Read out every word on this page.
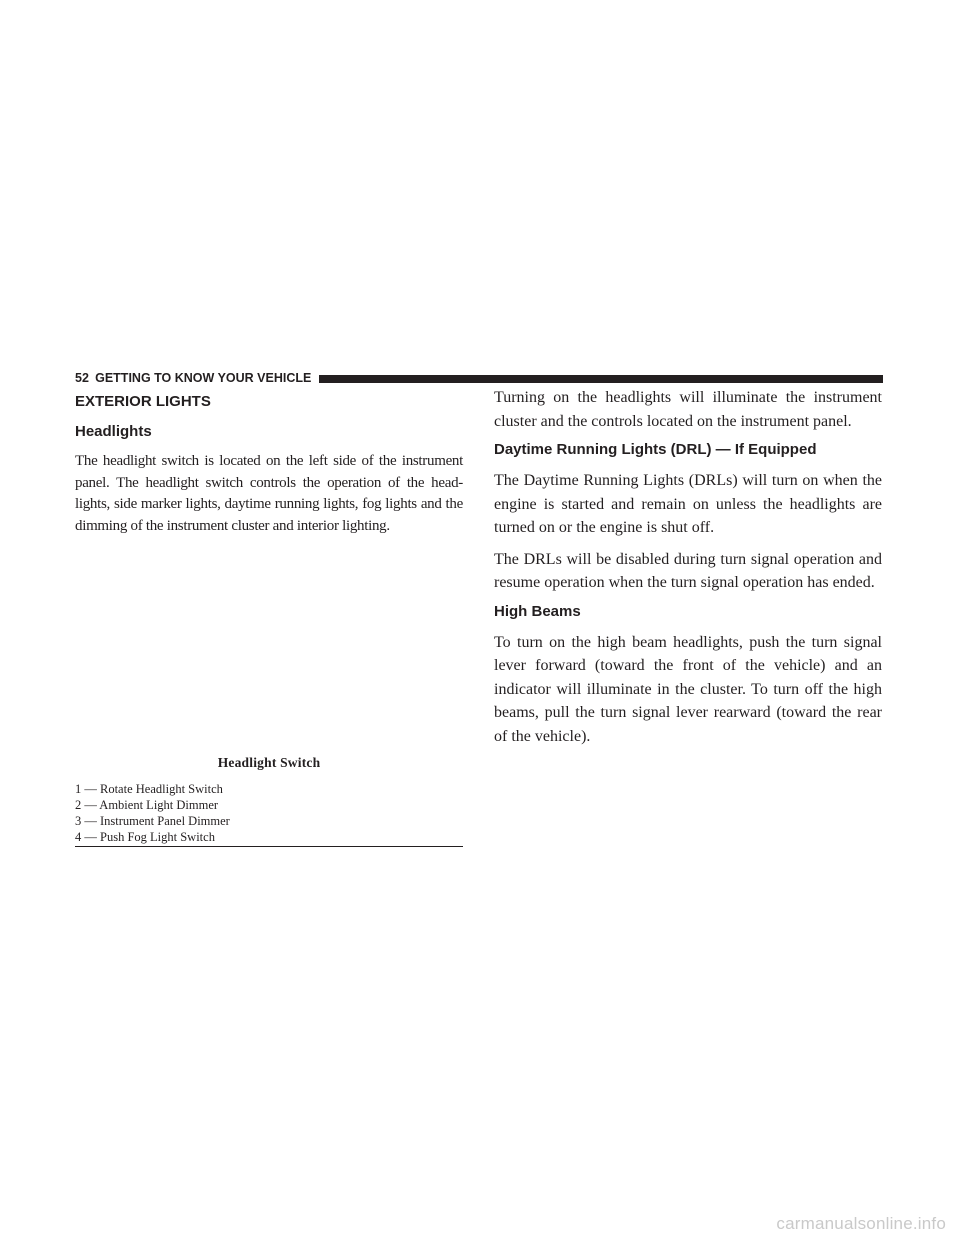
52 GETTING TO KNOW YOUR VEHICLE
EXTERIOR LIGHTS
Headlights

The headlight switch is located on the left side of the instrument panel. The headlight switch controls the operation of the head-lights, side marker lights, daytime running lights, fog lights and the dimming of the instrument cluster and interior lighting.

Headlight Switch
1 — Rotate Headlight Switch
2 — Ambient Light Dimmer
3 — Instrument Panel Dimmer
4 — Push Fog Light Switch

Turning on the headlights will illuminate the instrument cluster and the controls located on the instrument panel.

Daytime Running Lights (DRL) — If Equipped

The Daytime Running Lights (DRLs) will turn on when the engine is started and remain on unless the headlights are turned on or the engine is shut off.

The DRLs will be disabled during turn signal operation and resume operation when the turn signal operation has ended.

High Beams

To turn on the high beam headlights, push the turn signal lever forward (toward the front of the vehicle) and an indicator will illuminate in the cluster. To turn off the high beams, pull the turn signal lever rearward (toward the rear of the vehicle).

carmanualsonline.info
